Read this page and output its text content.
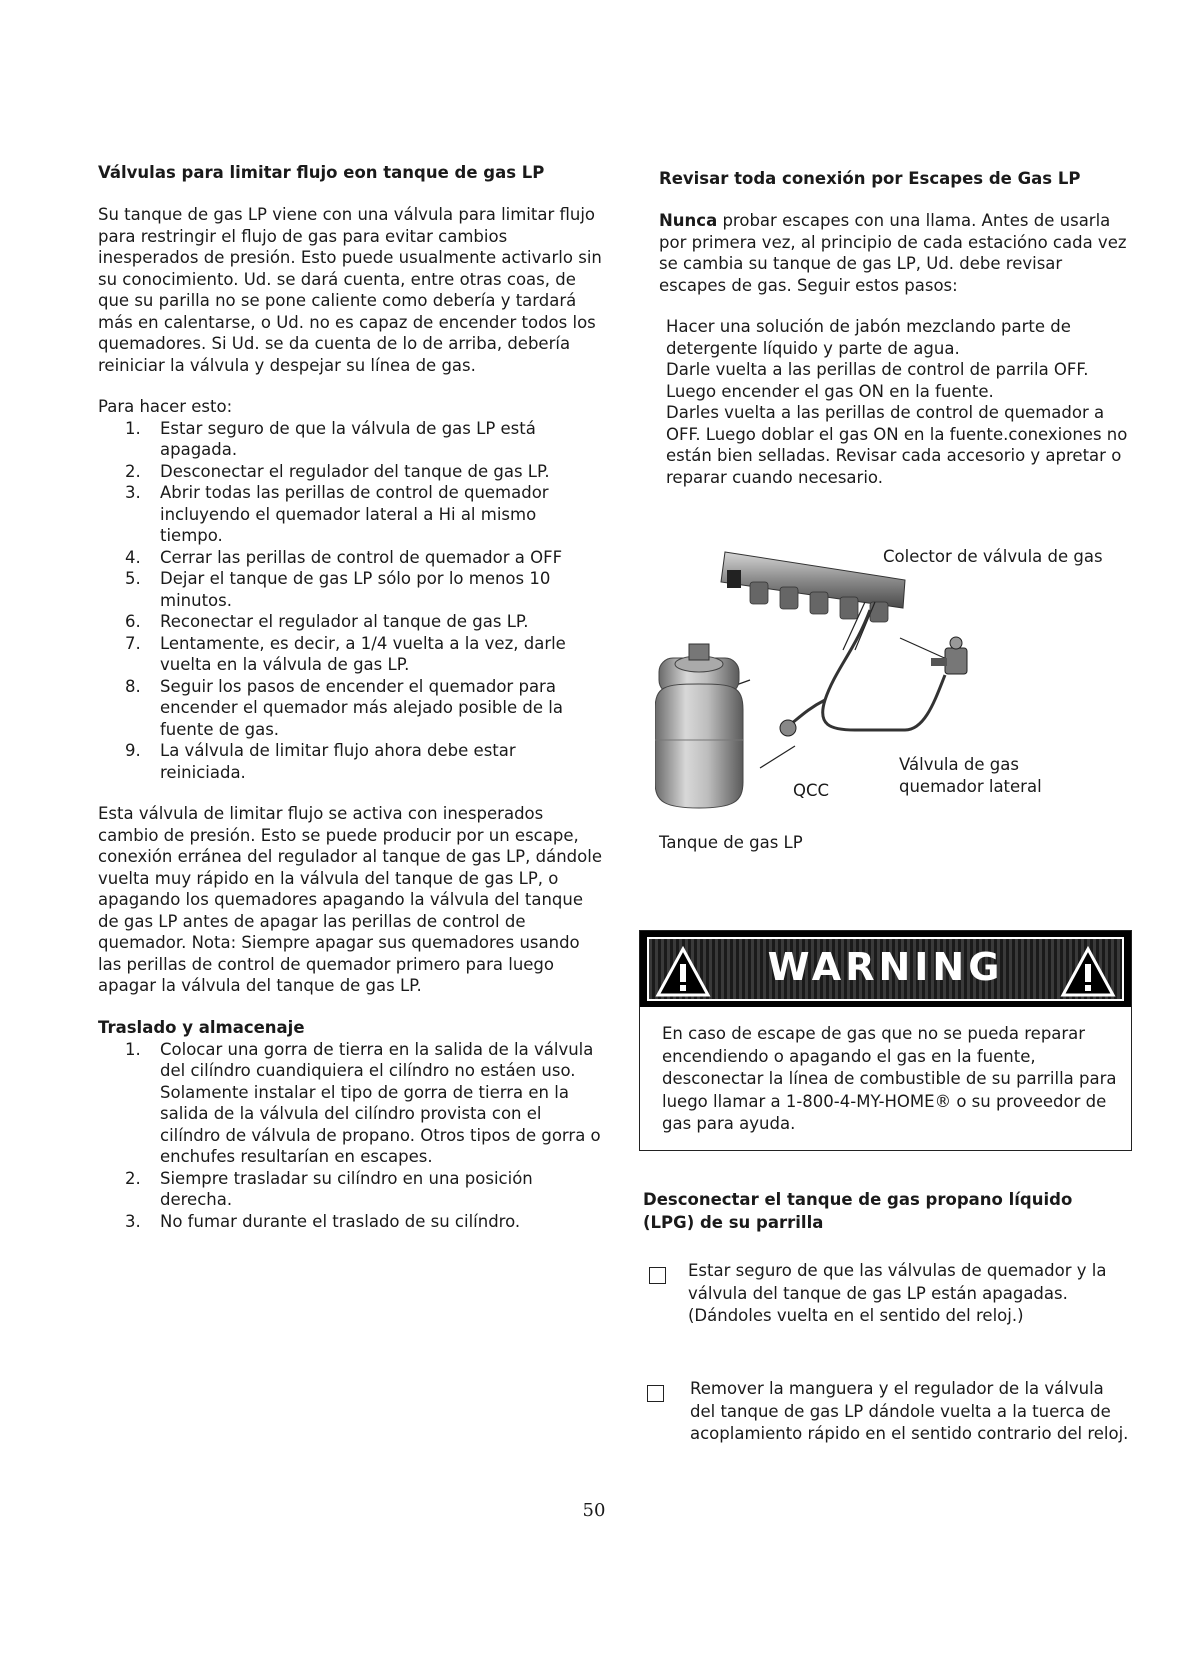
Válvulas para limitar flujo eon tanque de gas LP

Su tanque de gas LP viene con una válvula para limitar flujo para restringir el flujo de gas para evitar cambios inesperados de presión. Esto puede usualmente activarlo sin su conocimiento. Ud. se dará cuenta, entre otras coas, de que su parilla no se pone caliente como debería y tardará más en calentarse, o Ud. no es capaz de encender todos los quemadores. Si Ud. se da cuenta de lo de arriba, debería reiniciar la válvula y despejar su línea de gas.

Para hacer esto:

1. Estar seguro de que la válvula de gas LP está apagada.
2. Desconectar el regulador del tanque de gas LP.
3. Abrir todas las perillas de control de quemador incluyendo el quemador lateral a Hi al mismo tiempo.
4. Cerrar las perillas de control de quemador a OFF
5. Dejar el tanque de gas LP sólo por lo menos 10 minutos.
6. Reconectar el regulador al tanque de gas LP.
7. Lentamente, es decir, a 1/4 vuelta a la vez, darle vuelta en la válvula de gas LP.
8. Seguir los pasos de encender el quemador para encender el quemador más alejado posible de la fuente de gas.
9. La válvula de limitar flujo ahora debe estar reiniciada.

Esta válvula de limitar flujo se activa con inesperados cambio de presión. Esto se puede producir por un escape, conexión erránea del regulador al tanque de gas LP, dándole vuelta muy rápido en la válvula del tanque de gas LP, o apagando los quemadores apagando la válvula del tanque de gas LP antes de apagar las perillas de control de quemador. Nota: Siempre apagar sus quemadores usando las perillas de control de quemador primero para luego apagar la válvula del tanque de gas LP.

Traslado y almacenaje
1. Colocar una gorra de tierra en la salida de la válvula del cilíndro cuandiquiera el cilíndro no estáen uso. Solamente instalar el tipo de gorra de tierra en la salida de la válvula del cilíndro provista con el cilíndro de válvula de propano. Otros tipos de gorra o enchufes resultarían en escapes.
2. Siempre trasladar su cilíndro en una posición derecha.
3. No fumar durante el traslado de su cilíndro.
Revisar toda conexión por Escapes de Gas LP

Nunca probar escapes con una llama. Antes de usarla por primera vez, al principio de cada estacióno cada vez se cambia su tanque de gas LP, Ud. debe revisar escapes de gas. Seguir estos pasos:

Hacer una solución de jabón mezclando parte de detergente líquido y parte de agua.

Darle vuelta a las perillas de control de parrila OFF. Luego encender el gas ON en la fuente.

Darles vuelta a las perillas de control de quemador a OFF. Luego doblar el gas ON en la fuente.conexiones no están bien selladas. Revisar cada accesorio y apretar o reparar cuando necesario.

Colector de válvula de gas
Válvula de gas quemador lateral
QCC
Tanque de gas LP
WARNING

En caso de escape de gas que no se pueda reparar encendiendo o apagando el gas en la fuente, desconectar la línea de combustible de su parrilla para luego llamar a 1-800-4-MY-HOME® o su proveedor de gas para ayuda.

Desconectar el tanque de gas propano líquido (LPG) de su parrilla

Estar seguro de que las válvulas de quemador y la válvula del tanque de gas LP están apagadas. (Dándoles vuelta en el sentido del reloj.)

Remover la manguera y el regulador de la válvula del tanque de gas LP dándole vuelta a la tuerca de acoplamiento rápido en el sentido contrario del reloj.

50
